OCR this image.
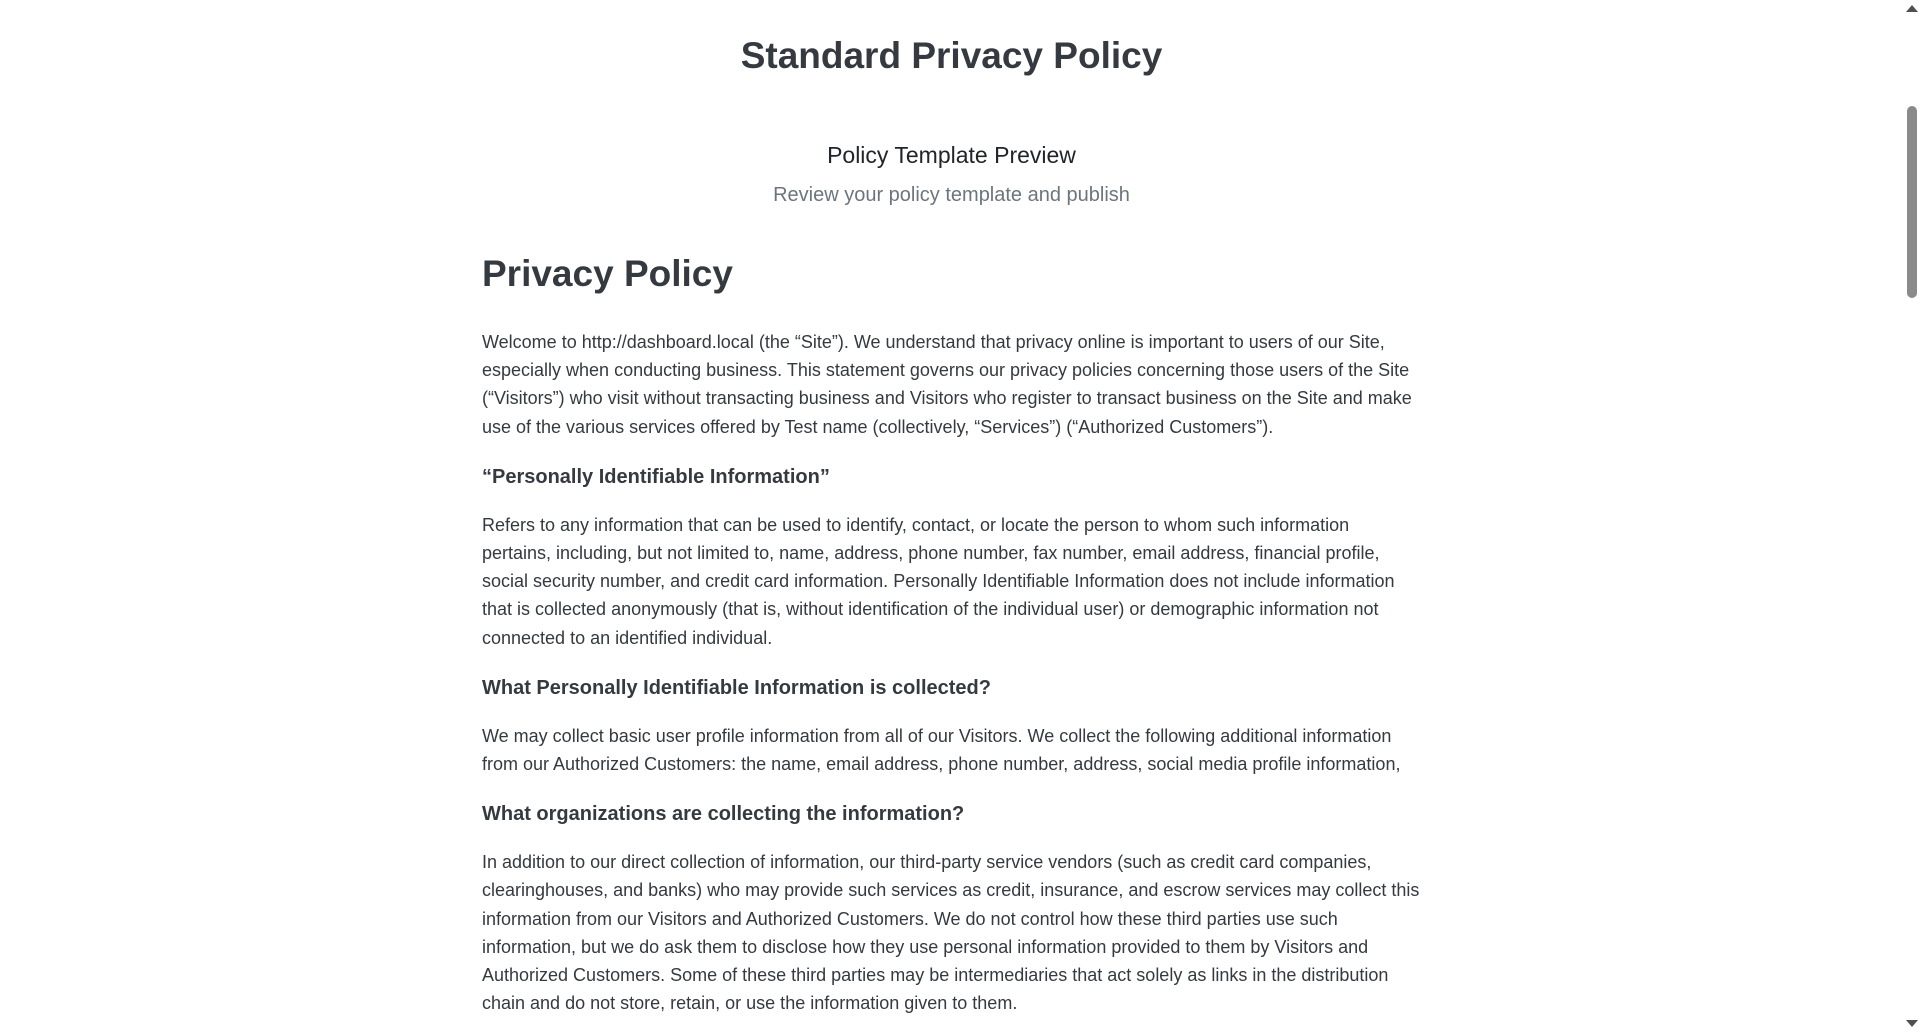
Standard Privacy Policy
Policy Template Preview

Review your policy template and publish

Privacy Policy

Welcome to http://dashboard.local (the “Site”). We understand that privacy online is important to users of our Site, especially when conducting business. This statement governs our privacy policies concerning those users of the Site (“Visitors”) who visit without transacting business and Visitors who register to transact business on the Site and make use of the various services offered by Test name (collectively, “Services”) (“Authorized Customers”).

“Personally Identifiable Information”

Refers to any information that can be used to identify, contact, or locate the person to whom such information pertains, including, but not limited to, name, address, phone number, fax number, email address, financial profile, social security number, and credit card information. Personally Identifiable Information does not include information that is collected anonymously (that is, without identification of the individual user) or demographic information not connected to an identified individual.

What Personally Identifiable Information is collected?

We may collect basic user profile information from all of our Visitors. We collect the following additional information from our Authorized Customers: the name, email address, phone number, address, social media profile information,

What organizations are collecting the information?

In addition to our direct collection of information, our third-party service vendors (such as credit card companies, clearinghouses, and banks) who may provide such services as credit, insurance, and escrow services may collect this information from our Visitors and Authorized Customers. We do not control how these third parties use such information, but we do ask them to disclose how they use personal information provided to them by Visitors and Authorized Customers. Some of these third parties may be intermediaries that act solely as links in the distribution chain and do not store, retain, or use the information given to them.
